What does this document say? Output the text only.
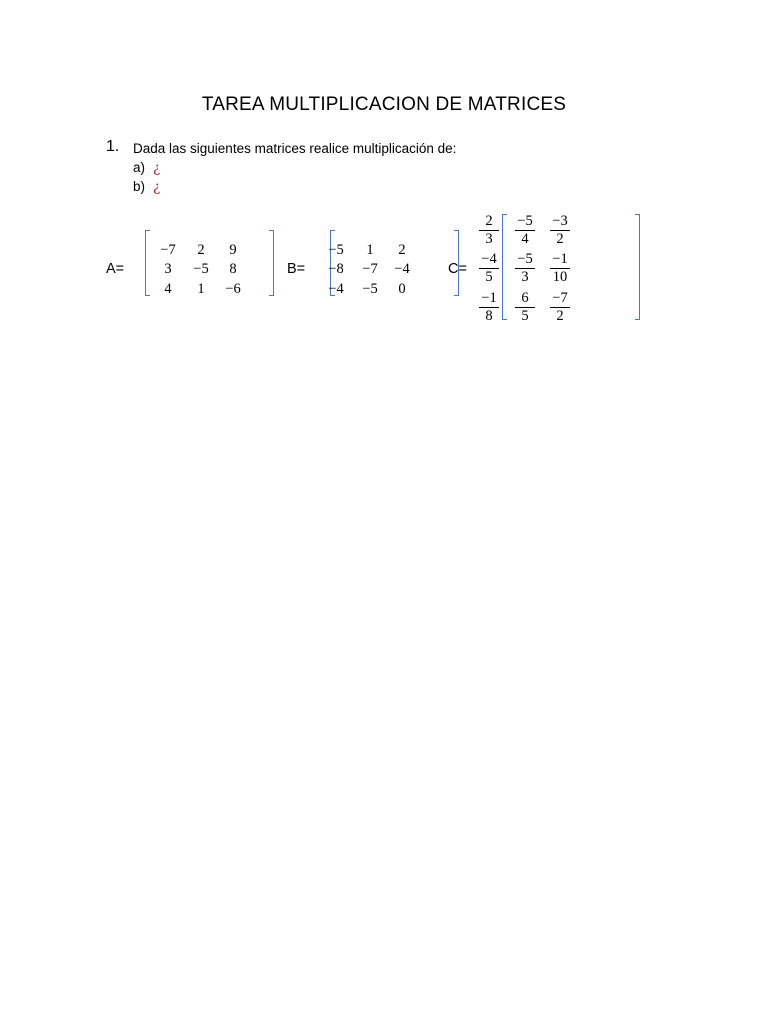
TAREA MULTIPLICACION DE MATRICES
1. Dada las siguientes matrices realice multiplicación de:
a) ¿
b) ¿
A=
−7	2	9
3	−5	8
4	1	−6
B=
−5	1	2
−8	−7	−4
−4	−5	0
C=
$\frac{2}{3} \frac{-5}{4} \frac{-3}{2}$
$\frac{-4}{5} \frac{-5}{3} \frac{-1}{10}$
$\frac{-1}{8} \frac{6}{5} \frac{-7}{2}$
